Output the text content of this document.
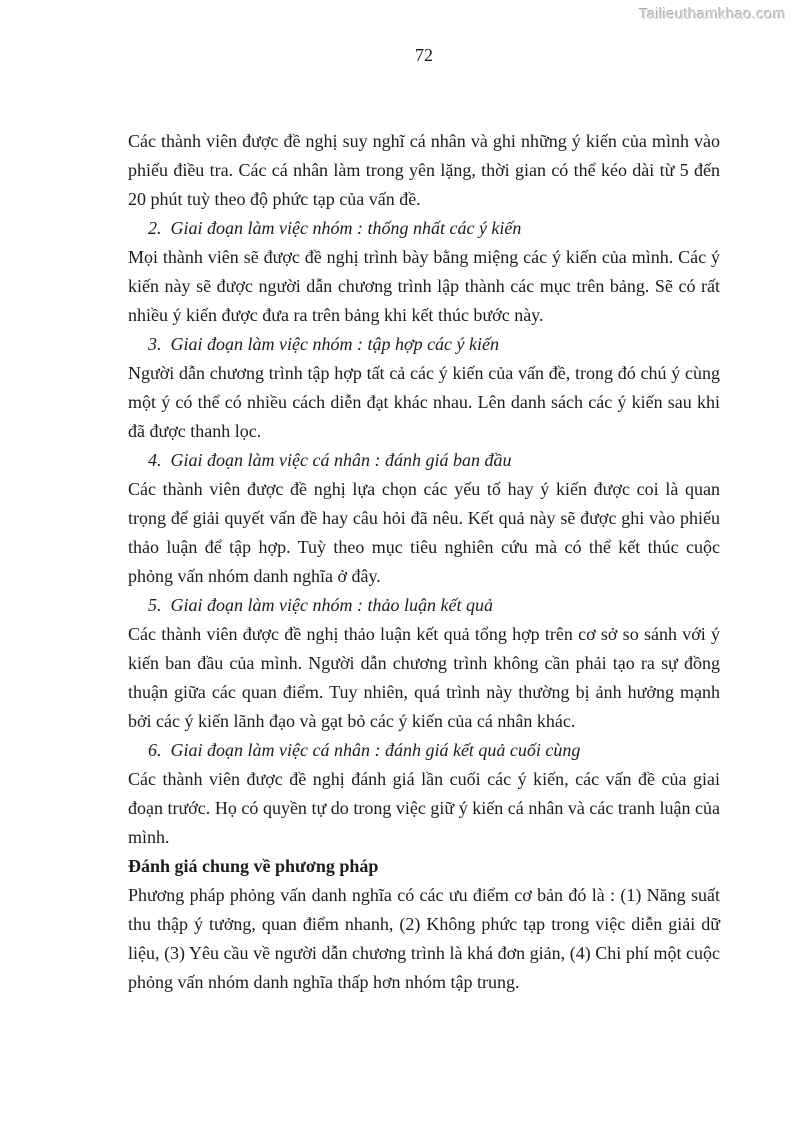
Tailieuthamkhao.com
72

Các thành viên được đề nghị suy nghĩ cá nhân và ghi những ý kiến của mình vào phiếu điều tra. Các cá nhân làm trong yên lặng, thời gian có thể kéo dài từ 5 đến 20 phút tuỳ theo độ phức tạp của vấn đề.

2. Giai đoạn làm việc nhóm : thống nhất các ý kiến

Mọi thành viên sẽ được đề nghị trình bày bằng miệng các ý kiến của mình. Các ý kiến này sẽ được người dẫn chương trình lập thành các mục trên bảng. Sẽ có rất nhiều ý kiến được đưa ra trên bảng khi kết thúc bước này.

3. Giai đoạn làm việc nhóm : tập hợp các ý kiến

Người dẫn chương trình tập hợp tất cả các ý kiến của vấn đề, trong đó chú ý cùng một ý có thể có nhiều cách diễn đạt khác nhau. Lên danh sách các ý kiến sau khi đã được thanh lọc.

4. Giai đoạn làm việc cá nhân : đánh giá ban đầu

Các thành viên được đề nghị lựa chọn các yếu tố hay ý kiến được coi là quan trọng để giải quyết vấn đề hay câu hỏi đã nêu. Kết quả này sẽ được ghi vào phiếu thảo luận để tập hợp. Tuỳ theo mục tiêu nghiên cứu mà có thể kết thúc cuộc phỏng vấn nhóm danh nghĩa ở đây.

5. Giai đoạn làm việc nhóm : thảo luận kết quả

Các thành viên được đề nghị thảo luận kết quả tổng hợp trên cơ sở so sánh với ý kiến ban đầu của mình. Người dẫn chương trình không cần phải tạo ra sự đồng thuận giữa các quan điểm. Tuy nhiên, quá trình này thường bị ảnh hưởng mạnh bởi các ý kiến lãnh đạo và gạt bỏ các ý kiến của cá nhân khác.

6. Giai đoạn làm việc cá nhân : đánh giá kết quả cuối cùng

Các thành viên được đề nghị đánh giá lần cuối các ý kiến, các vấn đề của giai đoạn trước. Họ có quyền tự do trong việc giữ ý kiến cá nhân và các tranh luận của mình.

Đánh giá chung về phương pháp

Phương pháp phỏng vấn danh nghĩa có các ưu điểm cơ bản đó là : (1) Năng suất thu thập ý tưởng, quan điểm nhanh, (2) Không phức tạp trong việc diễn giải dữ liệu, (3) Yêu cầu về người dẫn chương trình là khá đơn giản, (4) Chi phí một cuộc phỏng vấn nhóm danh nghĩa thấp hơn nhóm tập trung.
